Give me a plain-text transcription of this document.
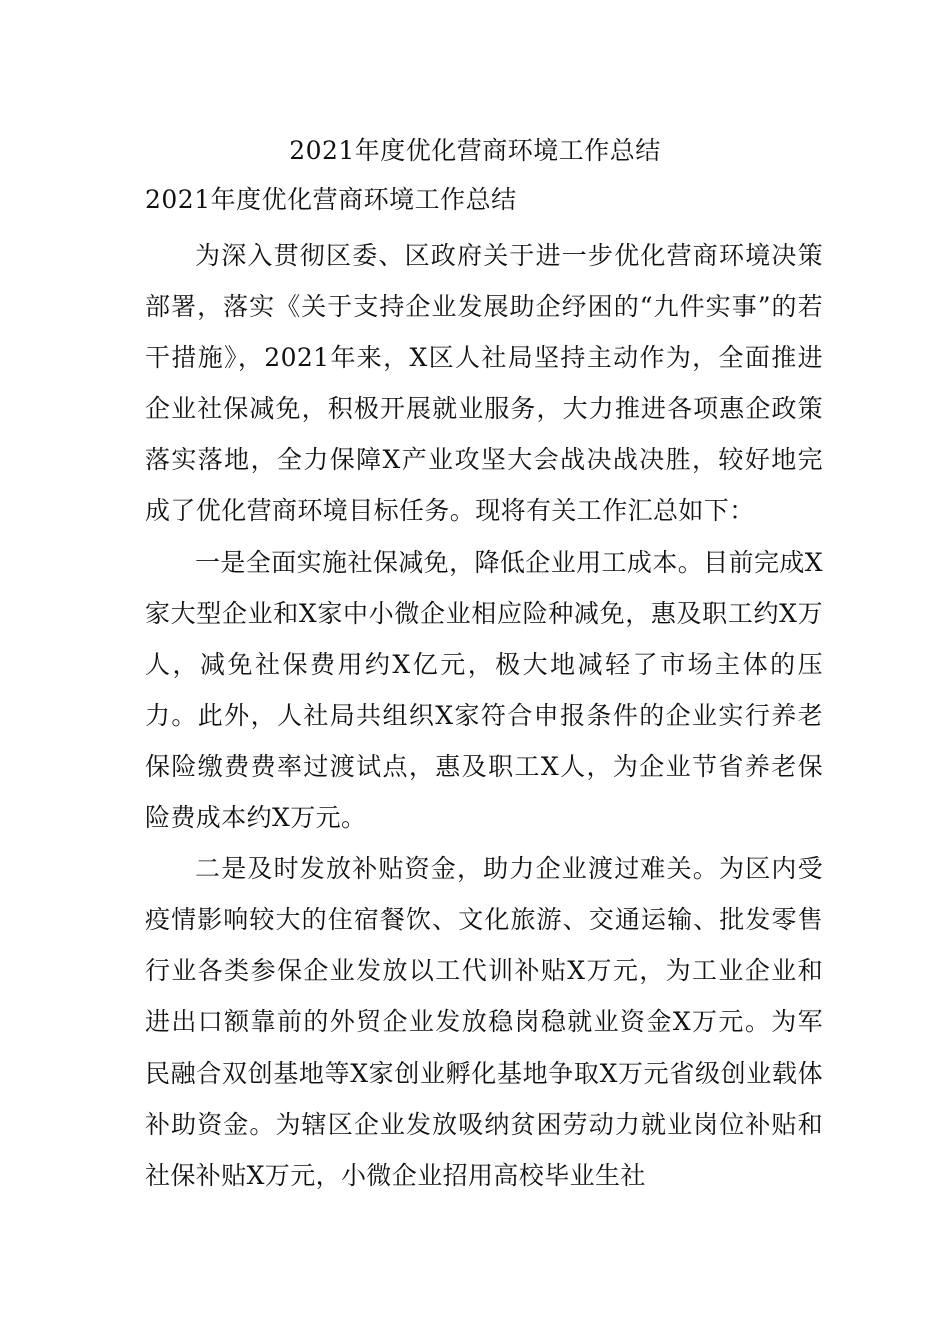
2021年度优化营商环境工作总结
2021年度优化营商环境工作总结

为深入贯彻区委、区政府关于进一步优化营商环境决策部署，落实《关于支持企业发展助企纾困的“九件实事”的若干措施》，2021年来，X区人社局坚持主动作为，全面推进企业社保减免，积极开展就业服务，大力推进各项惠企政策落实落地，全力保障X产业攻坚大会战决战决胜，较好地完成了优化营商环境目标任务。现将有关工作汇总如下：

一是全面实施社保减免，降低企业用工成本。目前完成X家大型企业和X家中小微企业相应险种减免，惠及职工约X万人，减免社保费用约X亿元，极大地减轻了市场主体的压力。此外，人社局共组织X家符合申报条件的企业实行养老保险缴费费率过渡试点，惠及职工X人，为企业节省养老保险费成本约X万元。

二是及时发放补贴资金，助力企业渡过难关。为区内受疫情影响较大的住宿餐饮、文化旅游、交通运输、批发零售行业各类参保企业发放以工代训补贴X万元，为工业企业和进出口额靠前的外贸企业发放稳岗稳就业资金X万元。为军民融合双创基地等X家创业孵化基地争取X万元省级创业载体补助资金。为辖区企业发放吸纳贫困劳动力就业岗位补贴和社保补贴X万元，小微企业招用高校毕业生社
